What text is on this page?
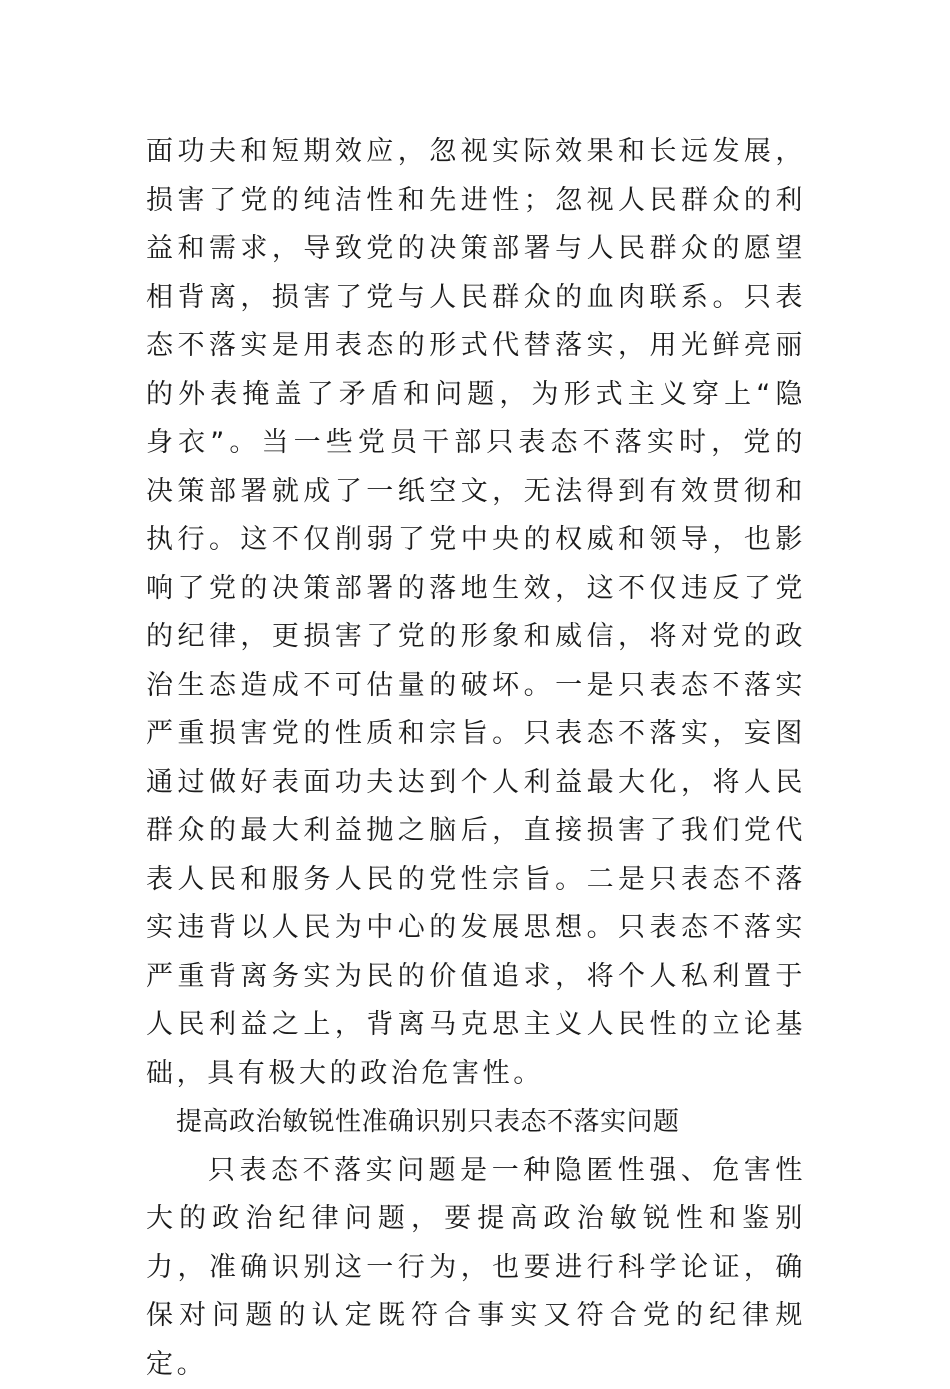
面功夫和短期效应，忽视实际效果和长远发展，损害了党的纯洁性和先进性；忽视人民群众的利益和需求，导致党的决策部署与人民群众的愿望相背离，损害了党与人民群众的血肉联系。只表态不落实是用表态的形式代替落实，用光鲜亮丽的外表掩盖了矛盾和问题，为形式主义穿上“隐身衣”。当一些党员干部只表态不落实时，党的决策部署就成了一纸空文，无法得到有效贯彻和执行。这不仅削弱了党中央的权威和领导，也影响了党的决策部署的落地生效，这不仅违反了党的纪律，更损害了党的形象和威信，将对党的政治生态造成不可估量的破坏。一是只表态不落实严重损害党的性质和宗旨。只表态不落实，妄图通过做好表面功夫达到个人利益最大化，将人民群众的最大利益抛之脑后，直接损害了我们党代表人民和服务人民的党性宗旨。二是只表态不落实违背以人民为中心的发展思想。只表态不落实严重背离务实为民的价值追求，将个人私利置于人民利益之上，背离马克思主义人民性的立论基础，具有极大的政治危害性。

提高政治敏锐性准确识别只表态不落实问题

只表态不落实问题是一种隐匿性强、危害性大的政治纪律问题，要提高政治敏锐性和鉴别力，准确识别这一行为，也要进行科学论证，确保对问题的认定既符合事实又符合党的纪律规定。
